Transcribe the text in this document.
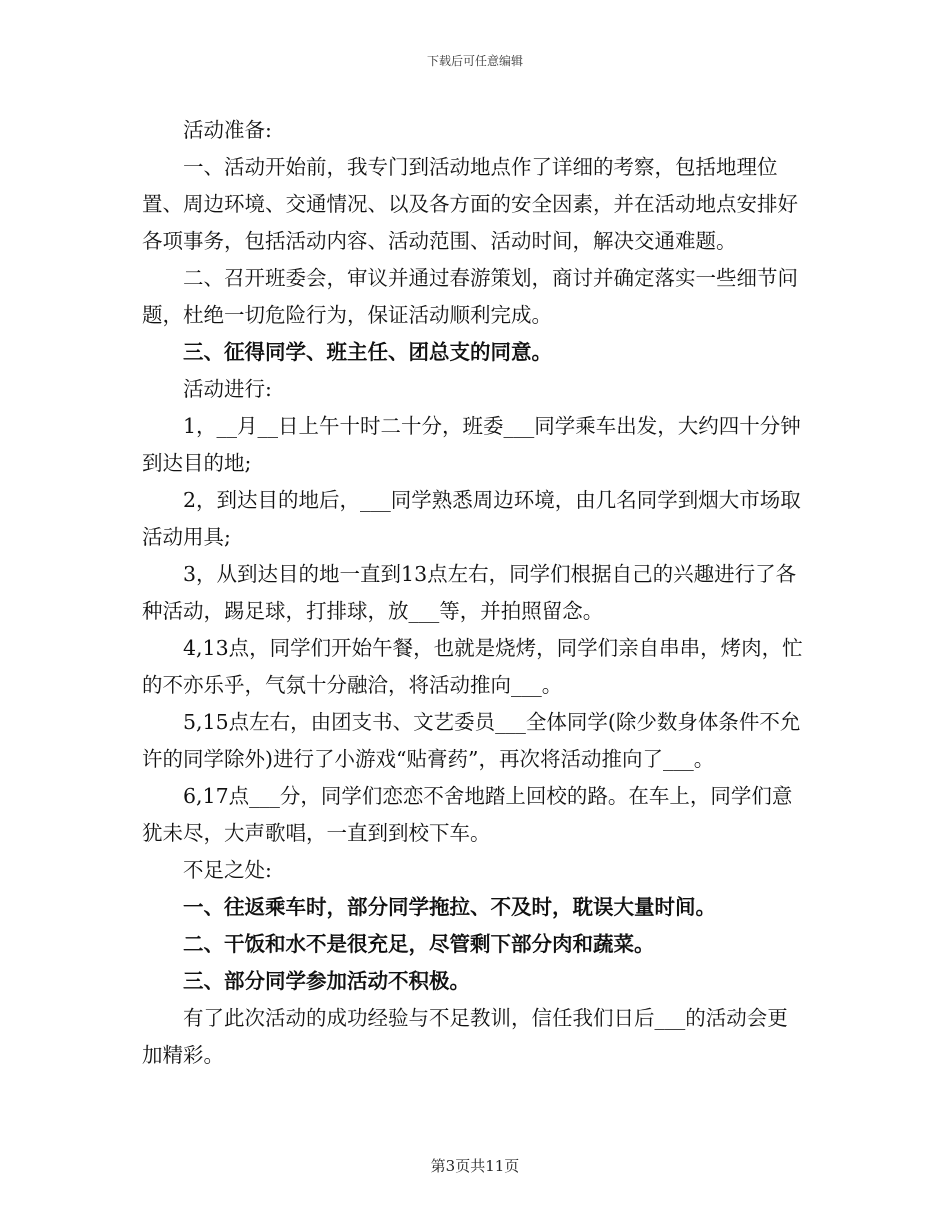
下载后可任意编辑

活动准备:

一、活动开始前，我专门到活动地点作了详细的考察，包括地理位置、周边环境、交通情况、以及各方面的安全因素，并在活动地点安排好各项事务，包括活动内容、活动范围、活动时间，解决交通难题。

二、召开班委会，审议并通过春游策划，商讨并确定落实一些细节问题，杜绝一切危险行为，保证活动顺利完成。

三、征得同学、班主任、团总支的同意。

活动进行:

1，__月__日上午十时二十分，班委___同学乘车出发，大约四十分钟到达目的地;

2，到达目的地后，___同学熟悉周边环境，由几名同学到烟大市场取活动用具;

3，从到达目的地一直到13点左右，同学们根据自己的兴趣进行了各种活动，踢足球，打排球，放___等，并拍照留念。

4,13点，同学们开始午餐，也就是烧烤，同学们亲自串串，烤肉，忙的不亦乐乎，气氛十分融洽，将活动推向___。

5,15点左右，由团支书、文艺委员___全体同学(除少数身体条件不允许的同学除外)进行了小游戏“贴膏药”，再次将活动推向了___。

6,17点___分，同学们恋恋不舍地踏上回校的路。在车上，同学们意犹未尽，大声歌唱，一直到到校下车。

不足之处:

一、往返乘车时，部分同学拖拉、不及时，耽误大量时间。

二、干饭和水不是很充足，尽管剩下部分肉和蔬菜。

三、部分同学参加活动不积极。

有了此次活动的成功经验与不足教训，信任我们日后___的活动会更加精彩。

第3页共11页
